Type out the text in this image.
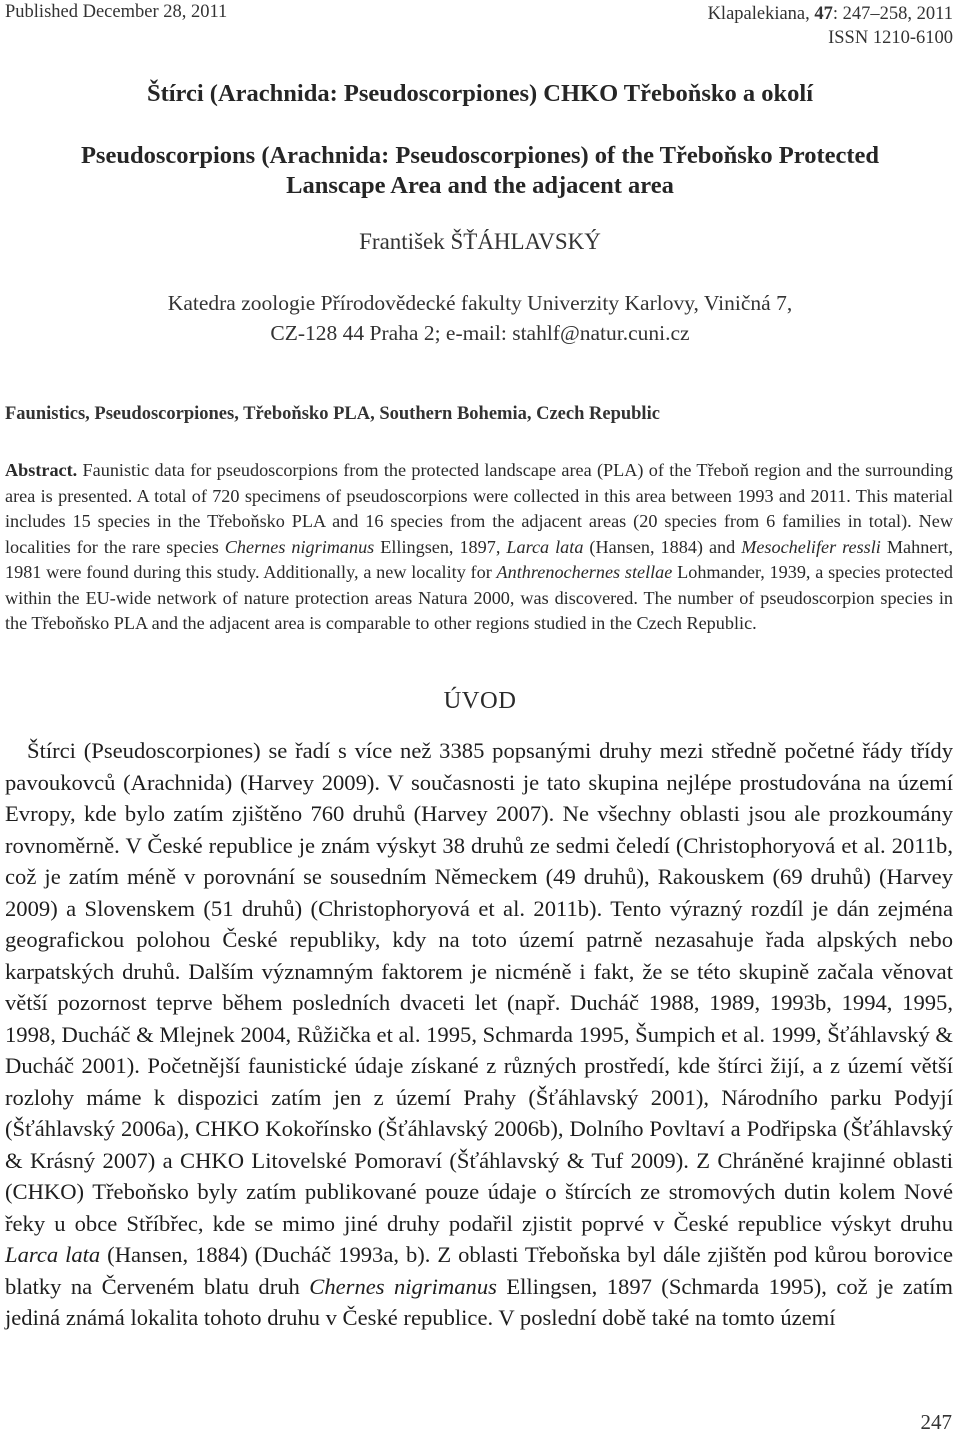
Published December 28, 2011	Klapalekiana, 47: 247–258, 2011
ISSN 1210-6100
Štírci (Arachnida: Pseudoscorpiones) CHKO Třeboňsko a okolí
Pseudoscorpions (Arachnida: Pseudoscorpiones) of the Třeboňsko Protected
Lanscape Area and the adjacent area
František ŠŤÁHLAVSKÝ
Katedra zoologie Přírodovědecké fakulty Univerzity Karlovy, Viničná 7,
CZ-128 44 Praha 2; e-mail: stahlf@natur.cuni.cz
Faunistics, Pseudoscorpiones, Třeboňsko PLA, Southern Bohemia, Czech Republic
Abstract. Faunistic data for pseudoscorpions from the protected landscape area (PLA) of the Třeboň region and the surrounding area is presented. A total of 720 specimens of pseudoscorpions were collected in this area between 1993 and 2011. This material includes 15 species in the Třeboňsko PLA and 16 species from the adjacent areas (20 species from 6 families in total). New localities for the rare species Chernes nigrimanus Ellingsen, 1897, Larca lata (Hansen, 1884) and Mesochelifer ressli Mahnert, 1981 were found during this study. Additionally, a new locality for Anthrenochernes stellae Lohmander, 1939, a species protected within the EU-wide network of nature protection areas Natura 2000, was discovered. The number of pseudoscorpion species in the Třeboňsko PLA and the adjacent area is comparable to other regions studied in the Czech Republic.
ÚVOD

Štírci (Pseudoscorpiones) se řadí s více než 3385 popsanými druhy mezi středně početné řády třídy pavoukovců (Arachnida) (Harvey 2009). V současnosti je tato skupina nejlépe prostudována na území Evropy, kde bylo zatím zjištěno 760 druhů (Harvey 2007). Ne všechny oblasti jsou ale prozkoumány rovnoměrně. V České republice je znám výskyt 38 druhů ze sedmi čeledí (Christophoryová et al. 2011b, což je zatím méně v porovnání se sousedním Německem (49 druhů), Rakouskem (69 druhů) (Harvey 2009) a Slovenskem (51 druhů) (Christophoryová et al. 2011b). Tento výrazný rozdíl je dán zejména geografickou polohou České republiky, kdy na toto území patrně nezasahuje řada alpských nebo karpatských druhů. Dalším významným faktorem je nicméně i fakt, že se této skupině začala věnovat větší pozornost teprve během posledních dvaceti let (např. Ducháč 1988, 1989, 1993b, 1994, 1995, 1998, Ducháč & Mlejnek 2004, Růžička et al. 1995, Schmarda 1995, Šumpich et al. 1999, Šťáhlavský & Ducháč 2001). Početnější faunistické údaje získané z různých prostředí, kde štírci žijí, a z území větší rozlohy máme k dispozici zatím jen z území Prahy (Šťáhlavský 2001), Národního parku Podyjí (Šťáhlavský 2006a), CHKO Kokořínsko (Šťáhlavský 2006b), Dolního Povltaví a Podřipska (Šťáhlavský & Krásný 2007) a CHKO Litovelské Pomoraví (Šťáhlavský & Tuf 2009). Z Chráněné krajinné oblasti (CHKO) Třeboňsko byly zatím publikované pouze údaje o štírcích ze stromových dutin kolem Nové řeky u obce Stříbřec, kde se mimo jiné druhy podařil zjistit poprvé v České republice výskyt druhu Larca lata (Hansen, 1884) (Ducháč 1993a, b). Z oblasti Třeboňska byl dále zjištěn pod kůrou borovice blatky na Červeném blatu druh Chernes nigrimanus Ellingsen, 1897 (Schmarda 1995), což je zatím jediná známá lokalita tohoto druhu v České republice. V poslední době také na tomto území

247
